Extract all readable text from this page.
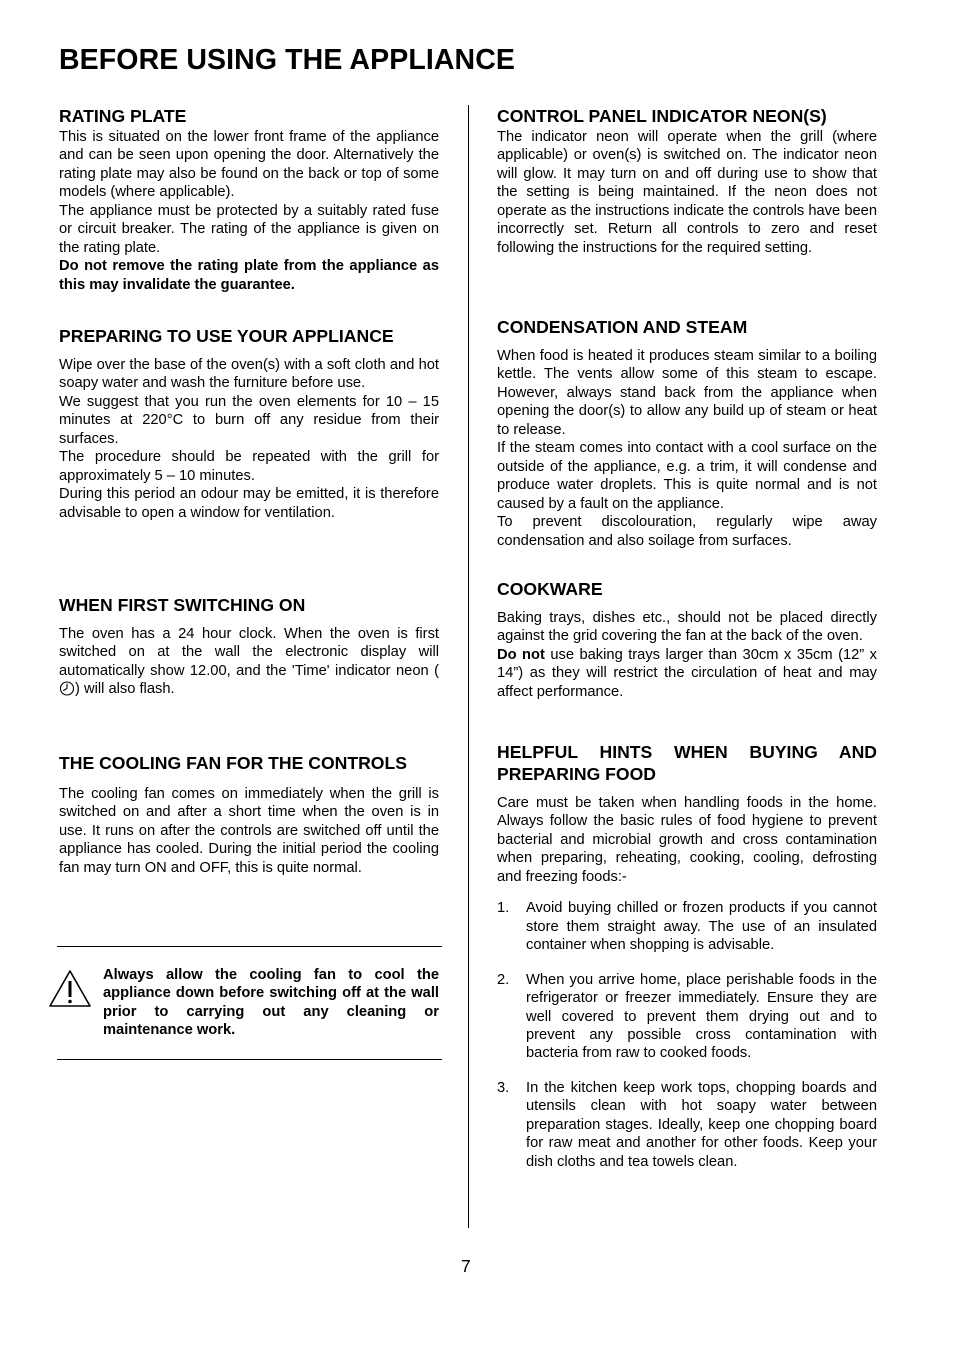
BEFORE USING THE APPLIANCE
RATING PLATE

This is situated on the lower front frame of the appliance and can be seen upon opening the door. Alternatively the rating plate may also be found on the back or top of some models (where applicable).

The appliance must be protected by a suitably rated fuse or circuit breaker. The rating of the appliance is given on the rating plate.

Do not remove the rating plate from the appliance as this may invalidate the guarantee.

PREPARING TO USE YOUR APPLIANCE

Wipe over the base of the oven(s) with a soft cloth and hot soapy water and wash the furniture before use.

We suggest that you run the oven elements for 10 – 15 minutes at 220°C to burn off any residue from their surfaces.

The procedure should be repeated with the grill for approximately 5 – 10 minutes.

During this period an odour may be emitted, it is therefore advisable to open a window for ventilation.

WHEN FIRST SWITCHING ON

The oven has a 24 hour clock. When the oven is first switched on at the wall the electronic display will automatically show 12.00, and the 'Time' indicator neon () will also flash.

THE COOLING FAN FOR THE CONTROLS

The cooling fan comes on immediately when the grill is switched on and after a short time when the oven is in use. It runs on after the controls are switched off until the appliance has cooled. During the initial period the cooling fan may turn ON and OFF, this is quite normal.

Always allow the cooling fan to cool the appliance down before switching off at the wall prior to carrying out any cleaning or maintenance work.
CONTROL PANEL INDICATOR NEON(S)

The indicator neon will operate when the grill (where applicable) or oven(s) is switched on. The indicator neon will glow. It may turn on and off during use to show that the setting is being maintained. If the neon does not operate as the instructions indicate the controls have been incorrectly set. Return all controls to zero and reset following the instructions for the required setting.

CONDENSATION AND STEAM

When food is heated it produces steam similar to a boiling kettle. The vents allow some of this steam to escape. However, always stand back from the appliance when opening the door(s) to allow any build up of steam or heat to release.

If the steam comes into contact with a cool surface on the outside of the appliance, e.g. a trim, it will condense and produce water droplets. This is quite normal and is not caused by a fault on the appliance.

To prevent discolouration, regularly wipe away condensation and also soilage from surfaces.

COOKWARE

Baking trays, dishes etc., should not be placed directly against the grid covering the fan at the back of the oven.

Do not use baking trays larger than 30cm x 35cm (12” x 14”) as they will restrict the circulation of heat and may affect performance.

HELPFUL HINTS WHEN BUYING AND PREPARING FOOD

Care must be taken when handling foods in the home. Always follow the basic rules of food hygiene to prevent bacterial and microbial growth and cross contamination when preparing, reheating, cooking, cooling, defrosting and freezing foods:-

1. Avoid buying chilled or frozen products if you cannot store them straight away. The use of an insulated container when shopping is advisable.

2. When you arrive home, place perishable foods in the refrigerator or freezer immediately. Ensure they are well covered to prevent them drying out and to prevent any possible cross contamination with bacteria from raw to cooked foods.

3. In the kitchen keep work tops, chopping boards and utensils clean with hot soapy water between preparation stages. Ideally, keep one chopping board for raw meat and another for other foods. Keep your dish cloths and tea towels clean.

7
